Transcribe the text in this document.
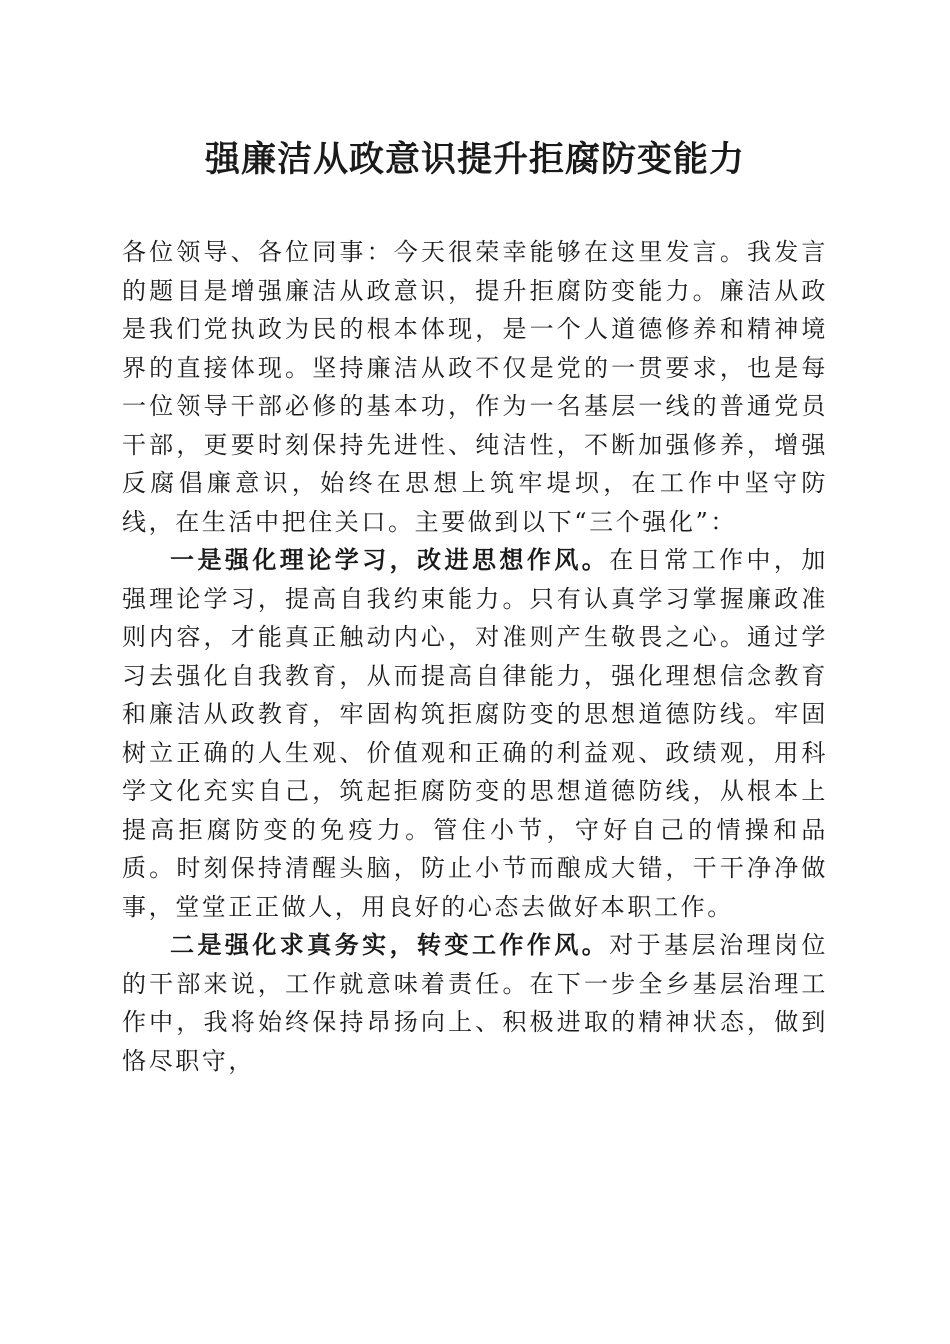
强廉洁从政意识提升拒腐防变能力

各位领导、各位同事：今天很荣幸能够在这里发言。我发言的题目是增强廉洁从政意识，提升拒腐防变能力。廉洁从政是我们党执政为民的根本体现，是一个人道德修养和精神境界的直接体现。坚持廉洁从政不仅是党的一贯要求，也是每一位领导干部必修的基本功，作为一名基层一线的普通党员干部，更要时刻保持先进性、纯洁性，不断加强修养，增强反腐倡廉意识，始终在思想上筑牢堤坝，在工作中坚守防线，在生活中把住关口。主要做到以下“三个强化”：

一是强化理论学习，改进思想作风。在日常工作中，加强理论学习，提高自我约束能力。只有认真学习掌握廉政准则内容，才能真正触动内心，对准则产生敬畏之心。通过学习去强化自我教育，从而提高自律能力，强化理想信念教育和廉洁从政教育，牢固构筑拒腐防变的思想道德防线。牢固树立正确的人生观、价值观和正确的利益观、政绩观，用科学文化充实自己，筑起拒腐防变的思想道德防线，从根本上提高拒腐防变的免疫力。管住小节，守好自己的情操和品质。时刻保持清醒头脑，防止小节而酿成大错，干干净净做事，堂堂正正做人，用良好的心态去做好本职工作。

二是强化求真务实，转变工作作风。对于基层治理岗位的干部来说，工作就意味着责任。在下一步全乡基层治理工作中，我将始终保持昂扬向上、积极进取的精神状态，做到恪尽职守，
